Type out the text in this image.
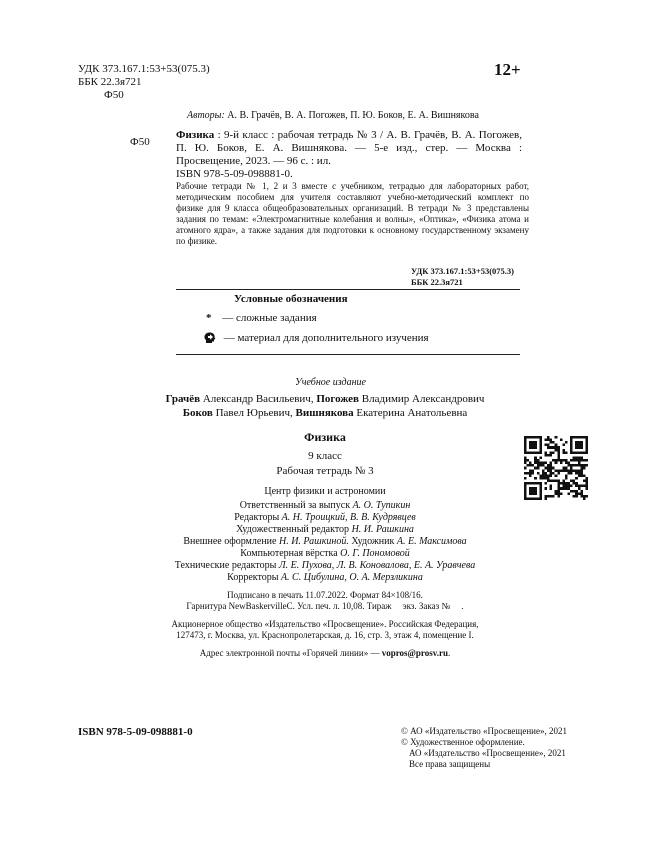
УДК 373.167.1:53+53(075.3)
ББК 22.3я721
Ф50
12+
Авторы: А. В. Грачёв, В. А. Погожев, П. Ю. Боков, Е. А. Вишнякова
Ф50
Физика : 9-й класс : рабочая тетрадь № 3 / А. В. Грачёв, В. А. Погожев, П. Ю. Боков, Е. А. Вишнякова. — 5-е изд., стер. — Москва : Просвещение, 2023. — 96 с. : ил.
ISBN 978-5-09-098881-0.
Рабочие тетради № 1, 2 и 3 вместе с учебником, тетрадью для лабораторных работ, методическим пособием для учителя составляют учебно-методический комплект по физике для 9 класса общеобразовательных организаций. В тетради № 3 представлены задания по темам: «Электромагнитные колебания и волны», «Оптика», «Физика атома и атомного ядра», а также задания для подготовки к основному государственному экзамену по физике.
УДК 373.167.1:53+53(075.3)
ББК 22.3я721
Условные обозначения
* — сложные задания
— материал для дополнительного изучения
Учебное издание
Грачёв Александр Васильевич, Погожев Владимир Александрович
Боков Павел Юрьевич, Вишнякова Екатерина Анатольевна
Физика
9 класс
Рабочая тетрадь № 3
Центр физики и астрономии
Ответственный за выпуск А. О. Тупикин
Редакторы А. Н. Троицкий, В. В. Кудрявцев
Художественный редактор Н. И. Рашкина
Внешнее оформление Н. И. Рашкиной. Художник А. Е. Максимова
Компьютерная вёрстка О. Г. Пономовой
Технические редакторы Л. Е. Пухова, Л. В. Коновалова, Е. А. Уравчева
Корректоры А. С. Цибулина, О. А. Мерзликина
Подписано в печать 11.07.2022. Формат 84×108/16.
Гарнитура NewBaskervilleC. Усл. печ. л. 10,08. Тираж     экз. Заказ №     .
Акционерное общество «Издательство «Просвещение». Российская Федерация,
127473, г. Москва, ул. Краснопролетарская, д. 16, стр. 3, этаж 4, помещение I.
Адрес электронной почты «Горячей линии» — vopros@prosv.ru.
ISBN 978-5-09-098881-0	© АО «Издательство «Просвещение», 2021
© Художественное оформление.
АО «Издательство «Просвещение», 2021
Все права защищены
